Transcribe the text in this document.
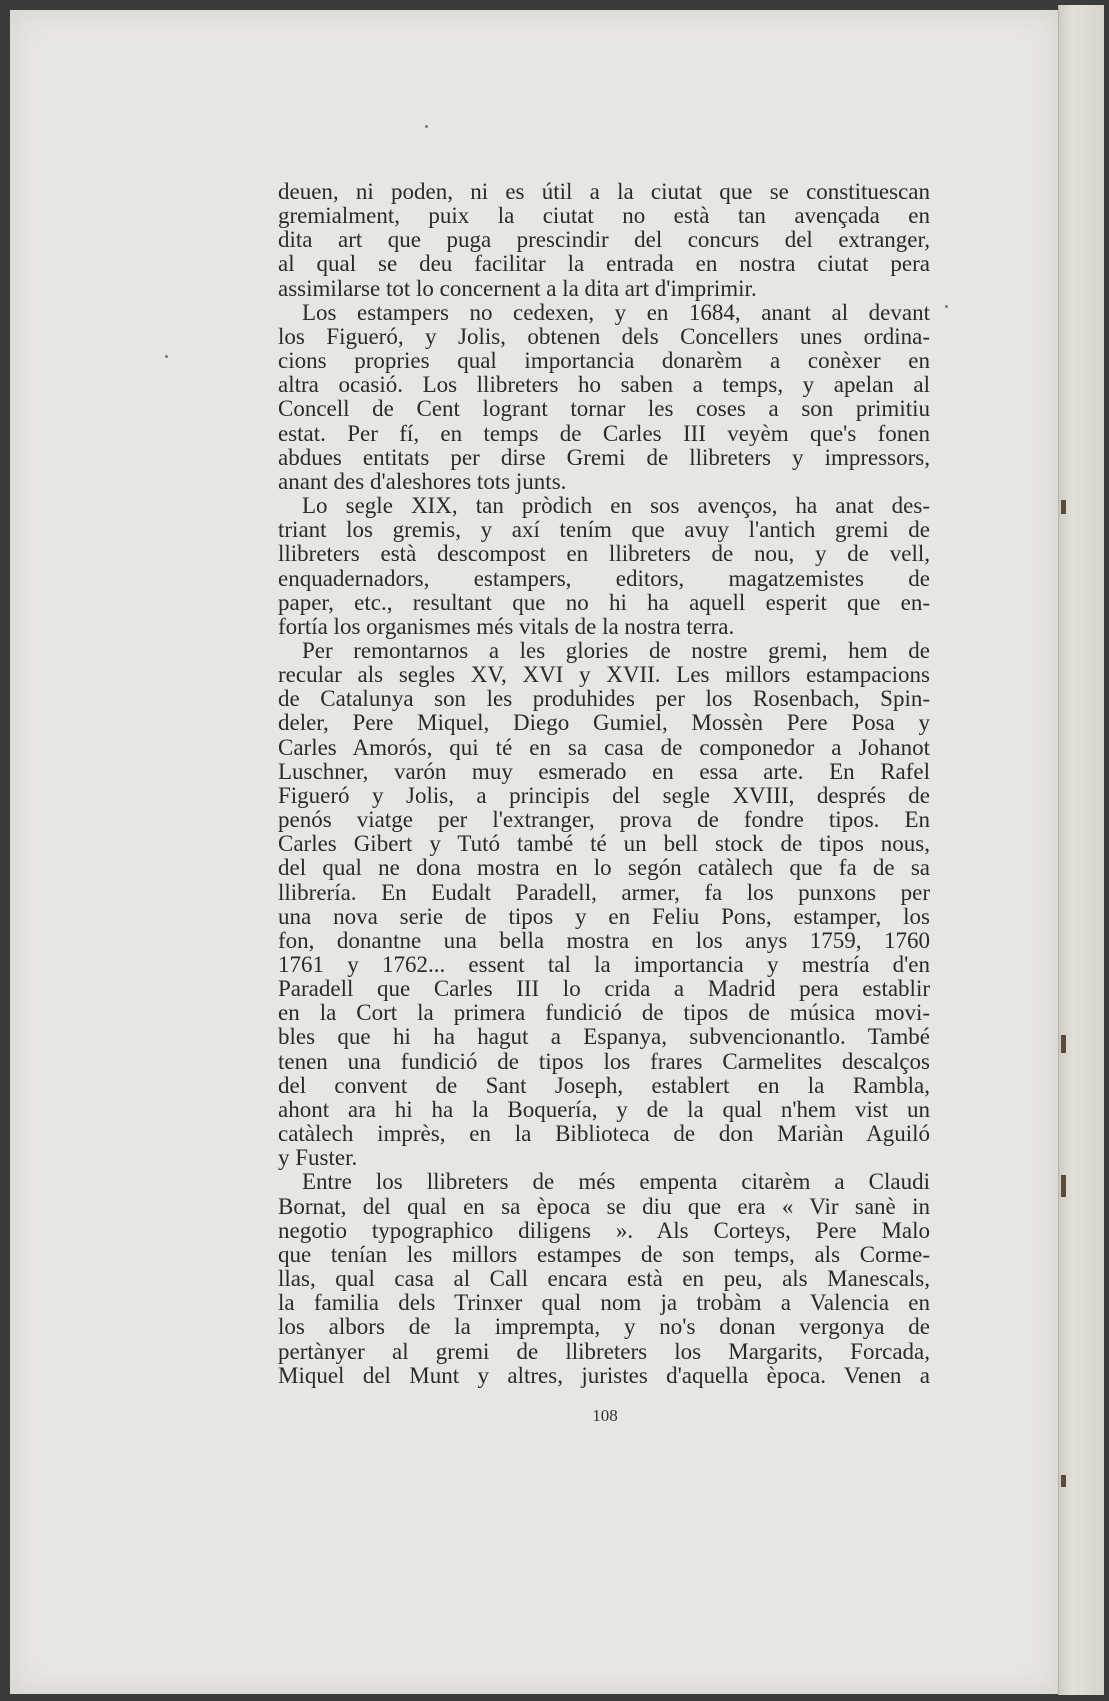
deuen, ni poden, ni es útil a la ciutat que se constituescan
gremialment, puix la ciutat no està tan avençada en
dita art que puga prescindir del concurs del extranger,
al qual se deu facilitar la entrada en nostra ciutat pera
assimilarse tot lo concernent a la dita art d'imprimir.
Los estampers no cedexen, y en 1684, anant al devant
los Figueró, y Jolis, obtenen dels Concellers unes ordina-
cions propries qual importancia donarèm a conèxer en
altra ocasió. Los llibreters ho saben a temps, y apelan al
Concell de Cent logrant tornar les coses a son primitiu
estat. Per fí, en temps de Carles III veyèm que's fonen
abdues entitats per dirse Gremi de llibreters y impressors,
anant des d'aleshores tots junts.
Lo segle XIX, tan pròdich en sos avenços, ha anat des-
triant los gremis, y axí tením que avuy l'antich gremi de
llibreters està descompost en llibreters de nou, y de vell,
enquadernadors, estampers, editors, magatzemistes de
paper, etc., resultant que no hi ha aquell esperit que en-
fortía los organismes més vitals de la nostra terra.
Per remontarnos a les glories de nostre gremi, hem de
recular als segles XV, XVI y XVII. Les millors estampacions
de Catalunya son les produhides per los Rosenbach, Spin-
deler, Pere Miquel, Diego Gumiel, Mossèn Pere Posa y
Carles Amorós, qui té en sa casa de componedor a Johanot
Luschner, varón muy esmerado en essa arte. En Rafel
Figueró y Jolis, a principis del segle XVIII, després de
penós viatge per l'extranger, prova de fondre tipos. En
Carles Gibert y Tutó també té un bell stock de tipos nous,
del qual ne dona mostra en lo segón catàlech que fa de sa
llibrería. En Eudalt Paradell, armer, fa los punxons per
una nova serie de tipos y en Feliu Pons, estamper, los
fon, donantne una bella mostra en los anys 1759, 1760
1761 y 1762... essent tal la importancia y mestría d'en
Paradell que Carles III lo crida a Madrid pera establir
en la Cort la primera fundició de tipos de música movi-
bles que hi ha hagut a Espanya, subvencionantlo. També
tenen una fundició de tipos los frares Carmelites descalços
del convent de Sant Joseph, establert en la Rambla,
ahont ara hi ha la Boquería, y de la qual n'hem vist un
catàlech imprès, en la Biblioteca de don Mariàn Aguiló
y Fuster.
Entre los llibreters de més empenta citarèm a Claudi
Bornat, del qual en sa època se diu que era « Vir sanè in
negotio typographico diligens ». Als Corteys, Pere Malo
que tenían les millors estampes de son temps, als Corme-
llas, qual casa al Call encara està en peu, als Manescals,
la familia dels Trinxer qual nom ja trobàm a Valencia en
los albors de la imprempta, y no's donan vergonya de
pertànyer al gremi de llibreters los Margarits, Forcada,
Miquel del Munt y altres, juristes d'aquella època. Venen a
108
